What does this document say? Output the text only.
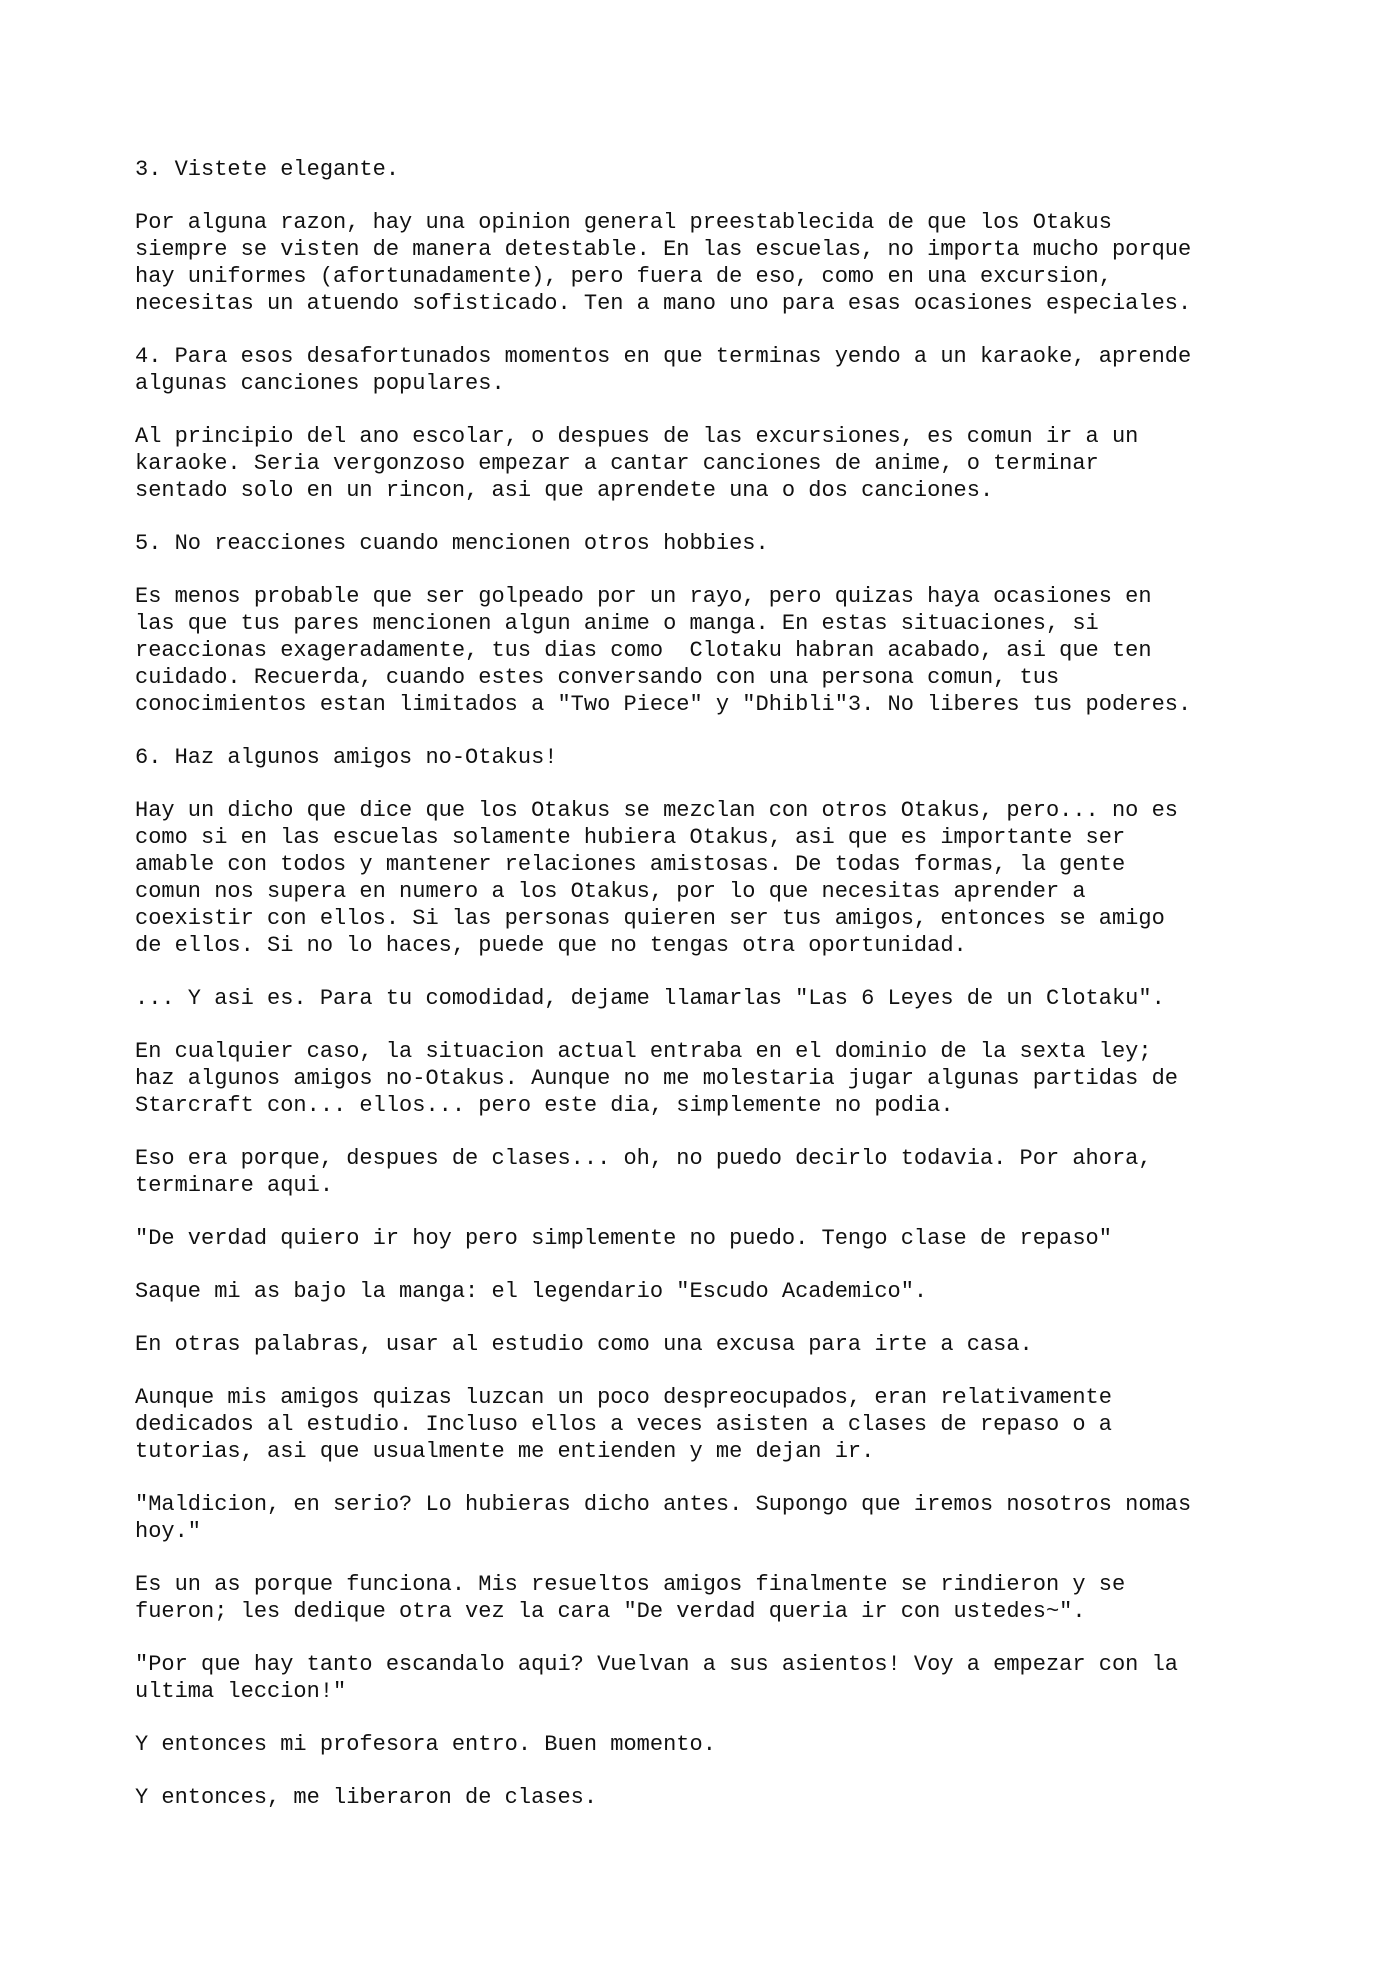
3. Vistete elegante.

Por alguna razon, hay una opinion general preestablecida de que los Otakus
siempre se visten de manera detestable. En las escuelas, no importa mucho porque
hay uniformes (afortunadamente), pero fuera de eso, como en una excursion,
necesitas un atuendo sofisticado. Ten a mano uno para esas ocasiones especiales.

4. Para esos desafortunados momentos en que terminas yendo a un karaoke, aprende
algunas canciones populares.

Al principio del ano escolar, o despues de las excursiones, es comun ir a un
karaoke. Seria vergonzoso empezar a cantar canciones de anime, o terminar
sentado solo en un rincon, asi que aprendete una o dos canciones.

5. No reacciones cuando mencionen otros hobbies.

Es menos probable que ser golpeado por un rayo, pero quizas haya ocasiones en
las que tus pares mencionen algun anime o manga. En estas situaciones, si
reaccionas exageradamente, tus dias como  Clotaku habran acabado, asi que ten
cuidado. Recuerda, cuando estes conversando con una persona comun, tus
conocimientos estan limitados a "Two Piece" y "Dhibli"3. No liberes tus poderes.

6. Haz algunos amigos no-Otakus!

Hay un dicho que dice que los Otakus se mezclan con otros Otakus, pero... no es
como si en las escuelas solamente hubiera Otakus, asi que es importante ser
amable con todos y mantener relaciones amistosas. De todas formas, la gente
comun nos supera en numero a los Otakus, por lo que necesitas aprender a
coexistir con ellos. Si las personas quieren ser tus amigos, entonces se amigo
de ellos. Si no lo haces, puede que no tengas otra oportunidad.

... Y asi es. Para tu comodidad, dejame llamarlas "Las 6 Leyes de un Clotaku".

En cualquier caso, la situacion actual entraba en el dominio de la sexta ley;
haz algunos amigos no-Otakus. Aunque no me molestaria jugar algunas partidas de
Starcraft con... ellos... pero este dia, simplemente no podia.

Eso era porque, despues de clases... oh, no puedo decirlo todavia. Por ahora,
terminare aqui.

"De verdad quiero ir hoy pero simplemente no puedo. Tengo clase de repaso"

Saque mi as bajo la manga: el legendario "Escudo Academico".

En otras palabras, usar al estudio como una excusa para irte a casa.

Aunque mis amigos quizas luzcan un poco despreocupados, eran relativamente
dedicados al estudio. Incluso ellos a veces asisten a clases de repaso o a
tutorias, asi que usualmente me entienden y me dejan ir.

"Maldicion, en serio? Lo hubieras dicho antes. Supongo que iremos nosotros nomas
hoy."

Es un as porque funciona. Mis resueltos amigos finalmente se rindieron y se
fueron; les dedique otra vez la cara "De verdad queria ir con ustedes~".

"Por que hay tanto escandalo aqui? Vuelvan a sus asientos! Voy a empezar con la
ultima leccion!"

Y entonces mi profesora entro. Buen momento.

Y entonces, me liberaron de clases.
